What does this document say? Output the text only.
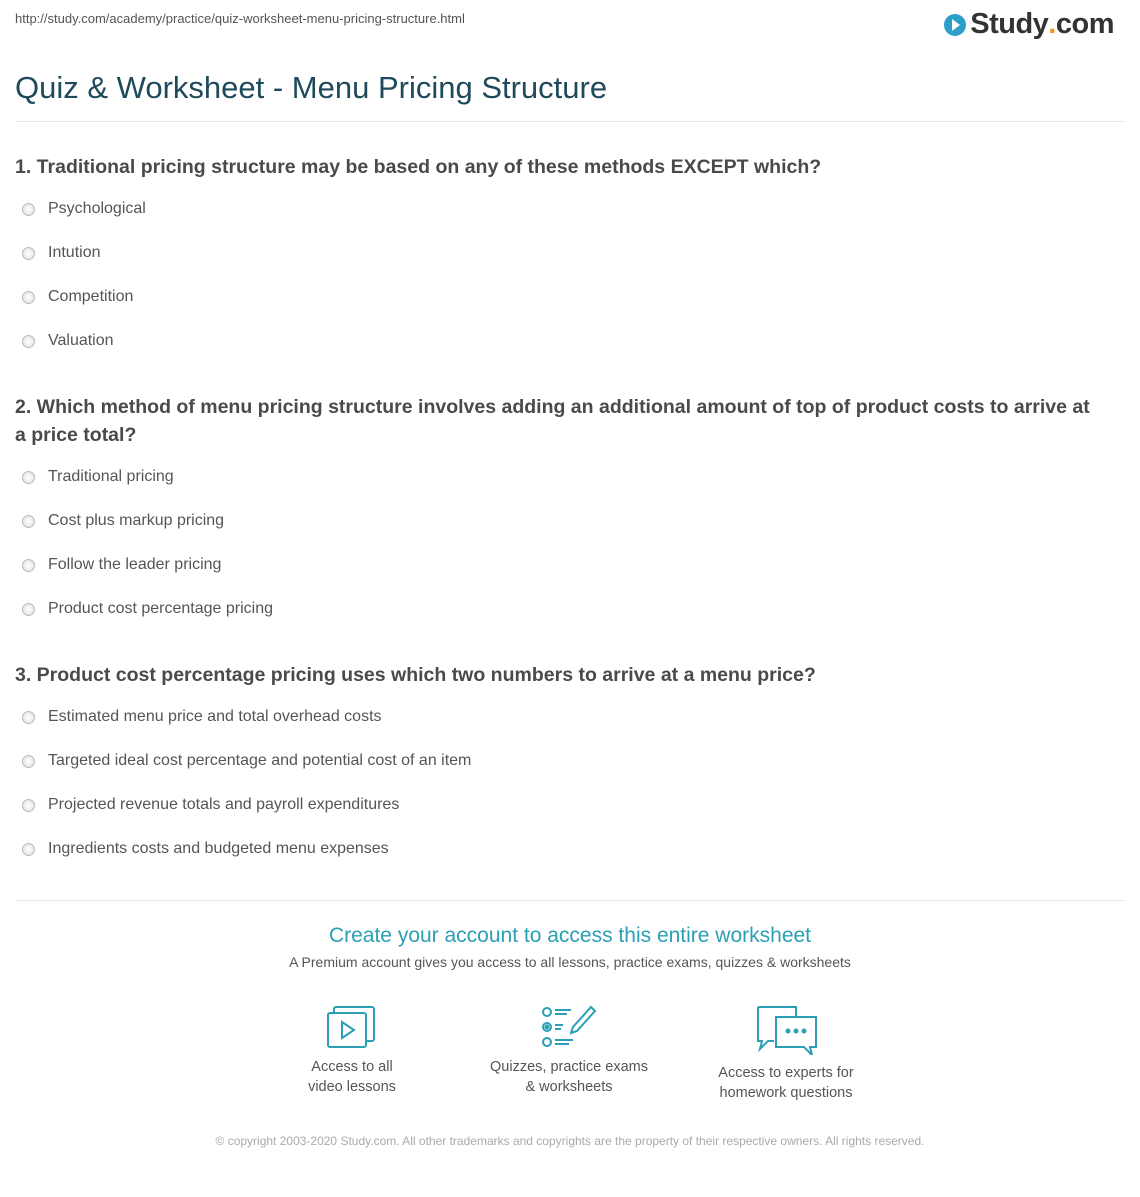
http://study.com/academy/practice/quiz-worksheet-menu-pricing-structure.html	Study . com
Quiz & Worksheet - Menu Pricing Structure
1. Traditional pricing structure may be based on any of these methods EXCEPT which?
Psychological
Intution
Competition
Valuation
2. Which method of menu pricing structure involves adding an additional amount of top of product costs to arrive at a price total?
Traditional pricing
Cost plus markup pricing
Follow the leader pricing
Product cost percentage pricing
3. Product cost percentage pricing uses which two numbers to arrive at a menu price?
Estimated menu price and total overhead costs
Targeted ideal cost percentage and potential cost of an item
Projected revenue totals and payroll expenditures
Ingredients costs and budgeted menu expenses
Create your account to access this entire worksheet
A Premium account gives you access to all lessons, practice exams, quizzes & worksheets
Access to all
video lessons
Quizzes, practice exams
& worksheets
Access to experts for
homework questions
© copyright 2003-2020 Study.com. All other trademarks and copyrights are the property of their respective owners. All rights reserved.
